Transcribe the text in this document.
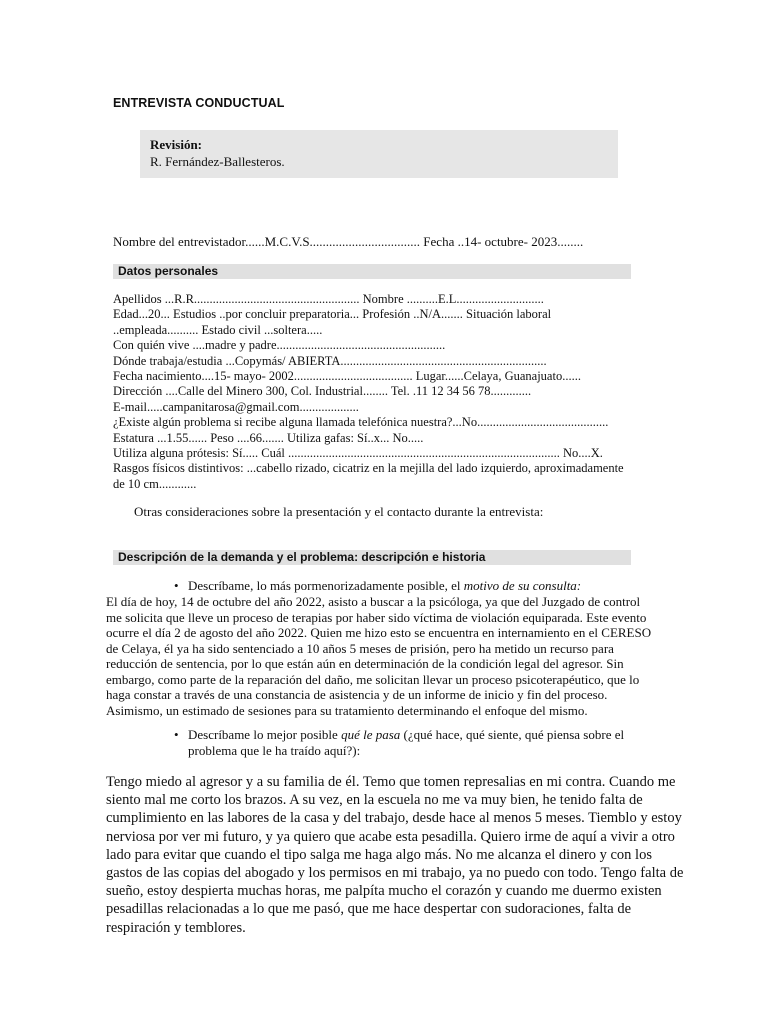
ENTREVISTA CONDUCTUAL
Revisión:
R. Fernández-Ballesteros.
Nombre del entrevistador......M.C.V.S.................................. Fecha ..14- octubre- 2023........
Datos personales
Apellidos ...R.R..................................................... Nombre ..........E.L............................
Edad...20... Estudios ..por concluir preparatoria... Profesión ..N/A....... Situación laboral
..empleada.......... Estado civil ...soltera.....
Con quién vive ....madre y padre......................................................
Dónde trabaja/estudia ...Copymás/ ABIERTA..................................................................
Fecha nacimiento....15- mayo- 2002...................................... Lugar......Celaya, Guanajuato......
Dirección ....Calle del Minero 300, Col. Industrial........ Tel. .11 12 34 56 78.............
E-mail.....campanitarosa@gmail.com...................
¿Existe algún problema si recibe alguna llamada telefónica nuestra?...No..........................................
Estatura ...1.55...... Peso ....66....... Utiliza gafas: Sí..x... No.....
Utiliza alguna prótesis: Sí..... Cuál ....................................................................................... No....X.
Rasgos físicos distintivos: ...cabello rizado, cicatriz en la mejilla del lado izquierdo, aproximadamente
de 10 cm............
Otras consideraciones sobre la presentación y el contacto durante la entrevista:
Descripción de la demanda y el problema: descripción e historia
• Descríbame, lo más pormenorizadamente posible, el motivo de su consulta:
El día de hoy, 14 de octubre del año 2022, asisto a buscar a la psicóloga, ya que del Juzgado de control
me solicita que lleve un proceso de terapias por haber sido víctima de violación equiparada. Este evento
ocurre el día 2 de agosto del año 2022. Quien me hizo esto se encuentra en internamiento en el CERESO
de Celaya, él ya ha sido sentenciado a 10 años 5 meses de prisión, pero ha metido un recurso para
reducción de sentencia, por lo que están aún en determinación de la condición legal del agresor. Sin
embargo, como parte de la reparación del daño, me solicitan llevar un proceso psicoterapéutico, que lo
haga constar a través de una constancia de asistencia y de un informe de inicio y fin del proceso.
Asimismo, un estimado de sesiones para su tratamiento determinando el enfoque del mismo.
• Descríbame lo mejor posible qué le pasa (¿qué hace, qué siente, qué piensa sobre el
problema que le ha traído aquí?):
Tengo miedo al agresor y a su familia de él. Temo que tomen represalias en mi contra. Cuando me
siento mal me corto los brazos. A su vez, en la escuela no me va muy bien, he tenido falta de
cumplimiento en las labores de la casa y del trabajo, desde hace al menos 5 meses. Tiemblo y estoy
nerviosa por ver mi futuro, y ya quiero que acabe esta pesadilla. Quiero irme de aquí a vivir a otro
lado para evitar que cuando el tipo salga me haga algo más. No me alcanza el dinero y con los
gastos de las copias del abogado y los permisos en mi trabajo, ya no puedo con todo. Tengo falta de
sueño, estoy despierta muchas horas, me palpíta mucho el corazón y cuando me duermo existen
pesadillas relacionadas a lo que me pasó, que me hace despertar con sudoraciones, falta de
respiración y temblores.
